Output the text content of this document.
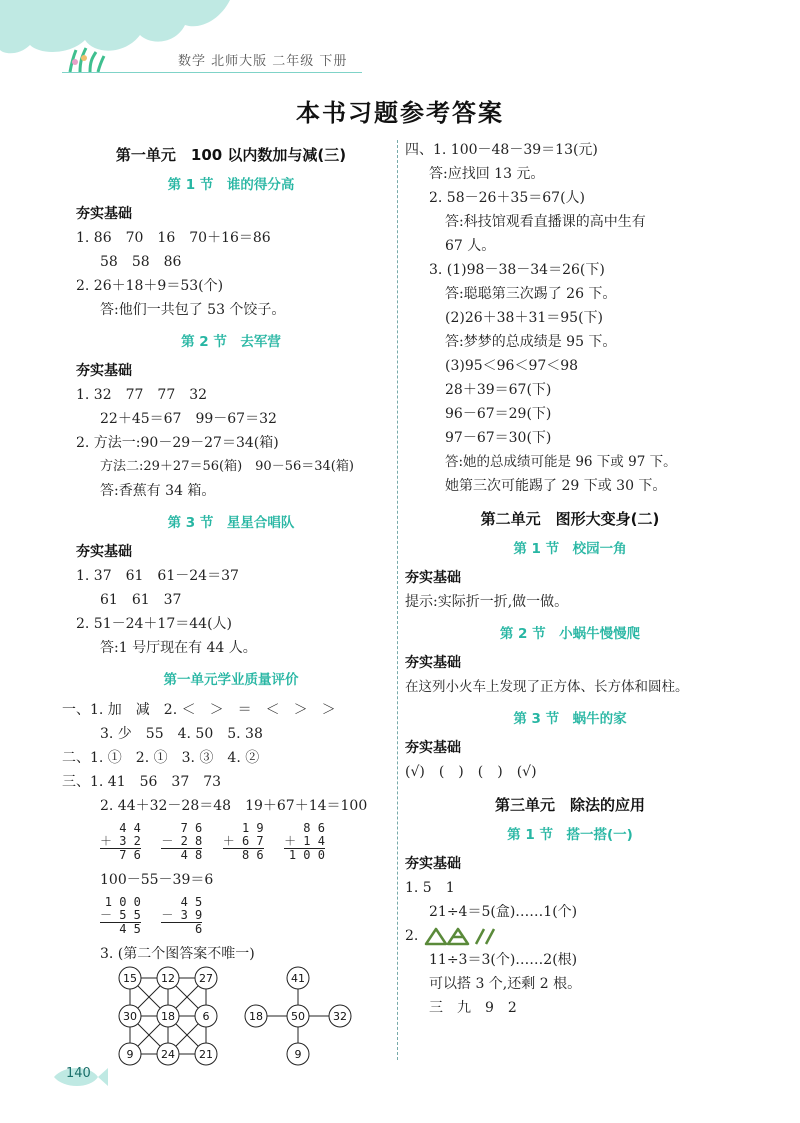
数学 北师大版 二年级 下册
本书习题参考答案
第一单元　100 以内数加与减(三)
第 1 节　谁的得分高
夯实基础
1. 86　70　16　70＋16＝86
58　58　86
2. 26＋18＋9＝53(个)
答:他们一共包了 53 个饺子。
第 2 节　去军营
夯实基础
1. 32　77　77　32
22＋45＝67　99－67＝32
2. 方法一:90－29－27＝34(箱)
方法二:29＋27＝56(箱)　90－56＝34(箱)
答:香蕉有 34 箱。
第 3 节　星星合唱队
夯实基础
1. 37　61　61－24＝37
61　61　37
2. 51－24＋17＝44(人)
答:1 号厅现在有 44 人。
第一单元学业质量评价
一、1. 加　减　2. ＜　＞　＝　＜　＞　＞
3. 少　55　4. 50　5. 38
二、1. ①　2. ①　3. ③　4. ②
三、1. 41　56　37　73
2. 44＋32－28＝48　19＋67＋14＝100
4 4
＋ 3 2
7 6

7 6
－ 2 8
4 8

1 9
＋ 6 7
8 6

8 6
＋ 1 4
1 0 0
100－55－39＝6
1 0 0
－ 5 5
4 5

4 5
－ 3 9
6
3. (第二个图答案不唯一)
15 12 27
30 18	6
9	24 21
41
18	50	32
9
四、1. 100－48－39＝13(元)
答:应找回 13 元。
2. 58－26＋35＝67(人)
答:科技馆观看直播课的高中生有
67 人。
3. (1)98－38－34＝26(下)
答:聪聪第三次踢了 26 下。
(2)26＋38＋31＝95(下)
答:梦梦的总成绩是 95 下。
(3)95＜96＜97＜98
28＋39＝67(下)
96－67＝29(下)
97－67＝30(下)
答:她的总成绩可能是 96 下或 97 下。
她第三次可能踢了 29 下或 30 下。
第二单元　图形大变身(二)
第 1 节　校园一角
夯实基础
提示:实际折一折,做一做。
第 2 节　小蜗牛慢慢爬
夯实基础
在这列小火车上发现了正方体、长方体和圆柱。
第 3 节　蜗牛的家
夯实基础
(√)　(　)　(　)　(√)
第三单元　除法的应用
第 1 节　搭一搭(一)
夯实基础
1. 5　1
21÷4＝5(盒)……1(个)
2.
11÷3＝3(个)……2(根)
可以搭 3 个,还剩 2 根。
三　九　9　2
140
